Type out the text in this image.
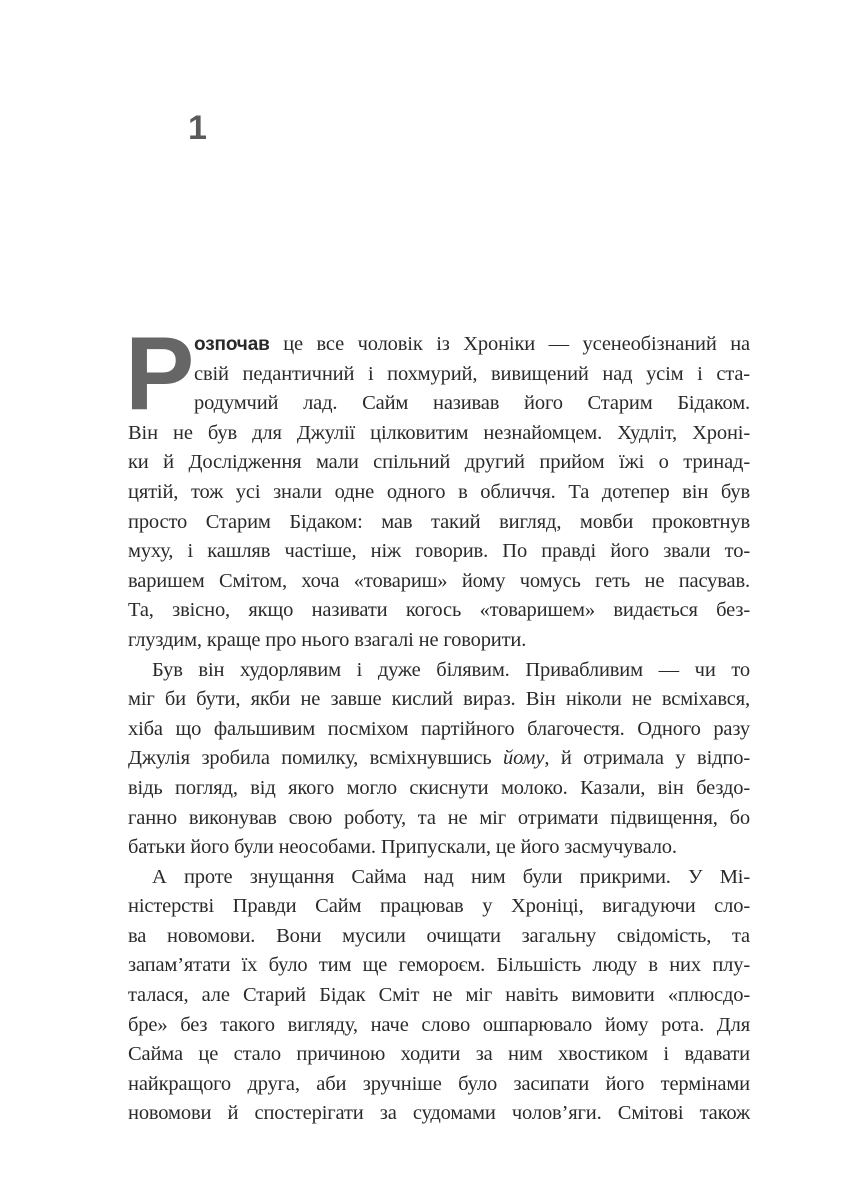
1
Р озпочав це все чоловік із Хроніки — усенеобізнаний на
свій педантичний і похмурий, вивищений над усім і ста-
родумчий лад. Сайм називав його Старим Бідаком.
Він не був для Джулії цілковитим незнайомцем. Худліт, Хроні-
ки й Дослідження мали спільний другий прийом їжі о тринад-
цятій, тож усі знали одне одного в обличчя. Та дотепер він був
просто Старим Бідаком: мав такий вигляд, мовби проковтнув
муху, і кашляв частіше, ніж говорив. По правді його звали то-
варишем Смітом, хоча «товариш» йому чомусь геть не пасував.
Та, звісно, якщо називати когось «товаришем» видається без-
глуздим, краще про нього взагалі не говорити.
Був він худорлявим і дуже білявим. Привабливим — чи то
міг би бути, якби не завше кислий вираз. Він ніколи не всміхався,
хіба що фальшивим посміхом партійного благочестя. Одного разу
Джулія зробила помилку, всміхнувшись йому, й отримала у відпо-
відь погляд, від якого могло скиснути молоко. Казали, він бездо-
ганно виконував свою роботу, та не міг отримати підвищення, бо
батьки його були неособами. Припускали, це його засмучувало.
А проте знущання Сайма над ним були прикрими. У Мі-
ністерстві Правди Сайм працював у Хроніці, вигадуючи сло-
ва новомови. Вони мусили очищати загальну свідомість, та
запам’ятати їх було тим ще гемороєм. Більшість люду в них плу-
талася, але Старий Бідак Сміт не міг навіть вимовити «плюсдо-
бре» без такого вигляду, наче слово ошпарювало йому рота. Для
Сайма це стало причиною ходити за ним хвостиком і вдавати
найкращого друга, аби зручніше було засипати його термінами
новомови й спостерігати за судомами чолов’яги. Смітові також
